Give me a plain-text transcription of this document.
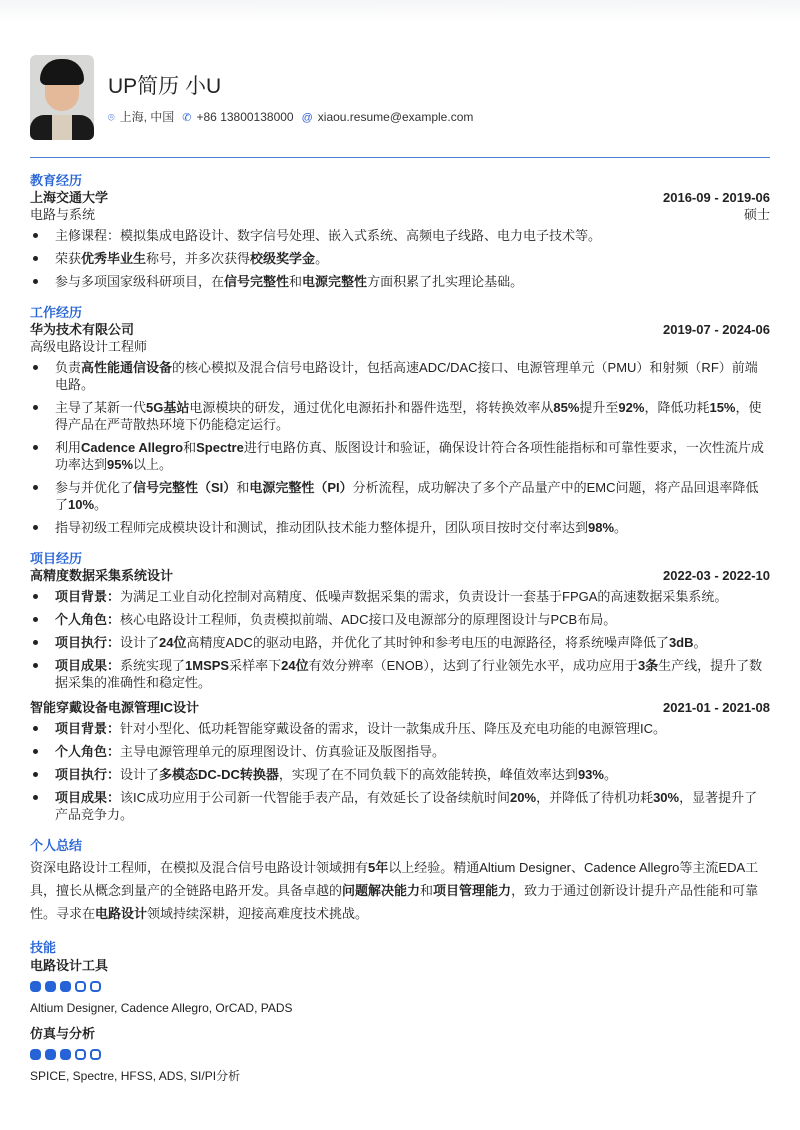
UP简历 小U
⌾ 上海, 中国 ✆ +86 13800138000 @ xiaou.resume@example.com
教育经历
上海交通大学	2016-09 - 2019-06
电路与系统	硕士
主修课程：模拟集成电路设计、数字信号处理、嵌入式系统、高频电子线路、电力电子技术等。
荣获优秀毕业生称号，并多次获得校级奖学金。
参与多项国家级科研项目，在信号完整性和电源完整性方面积累了扎实理论基础。
工作经历
华为技术有限公司	2019-07 - 2024-06
高级电路设计工程师
负责高性能通信设备的核心模拟及混合信号电路设计，包括高速ADC/DAC接口、电源管理单元（PMU）和射频（RF）前端电路。
主导了某新一代5G基站电源模块的研发，通过优化电源拓扑和器件选型，将转换效率从85%提升至92%，降低功耗15%，使得产品在严苛散热环境下仍能稳定运行。
利用Cadence Allegro和Spectre进行电路仿真、版图设计和验证，确保设计符合各项性能指标和可靠性要求，一次性流片成功率达到95%以上。
参与并优化了信号完整性（SI）和电源完整性（PI）分析流程，成功解决了多个产品量产中的EMC问题，将产品回退率降低了10%。
指导初级工程师完成模块设计和测试，推动团队技术能力整体提升，团队项目按时交付率达到98%。
项目经历
高精度数据采集系统设计	2022-03 - 2022-10
项目背景：为满足工业自动化控制对高精度、低噪声数据采集的需求，负责设计一套基于FPGA的高速数据采集系统。
个人角色：核心电路设计工程师，负责模拟前端、ADC接口及电源部分的原理图设计与PCB布局。
项目执行：设计了24位高精度ADC的驱动电路，并优化了其时钟和参考电压的电源路径，将系统噪声降低了3dB。
项目成果：系统实现了1MSPS采样率下24位有效分辨率（ENOB），达到了行业领先水平，成功应用于3条生产线，提升了数据采集的准确性和稳定性。
智能穿戴设备电源管理IC设计	2021-01 - 2021-08
项目背景：针对小型化、低功耗智能穿戴设备的需求，设计一款集成升压、降压及充电功能的电源管理IC。
个人角色：主导电源管理单元的原理图设计、仿真验证及版图指导。
项目执行：设计了多模态DC-DC转换器，实现了在不同负载下的高效能转换，峰值效率达到93%。
项目成果：该IC成功应用于公司新一代智能手表产品，有效延长了设备续航时间20%，并降低了待机功耗30%，显著提升了产品竞争力。
个人总结
资深电路设计工程师，在模拟及混合信号电路设计领域拥有5年以上经验。精通Altium Designer、Cadence Allegro等主流EDA工具，擅长从概念到量产的全链路电路开发。具备卓越的问题解决能力和项目管理能力，致力于通过创新设计提升产品性能和可靠性。寻求在电路设计领域持续深耕，迎接高难度技术挑战。
技能
电路设计工具
Altium Designer, Cadence Allegro, OrCAD, PADS
仿真与分析
SPICE, Spectre, HFSS, ADS, SI/PI分析
